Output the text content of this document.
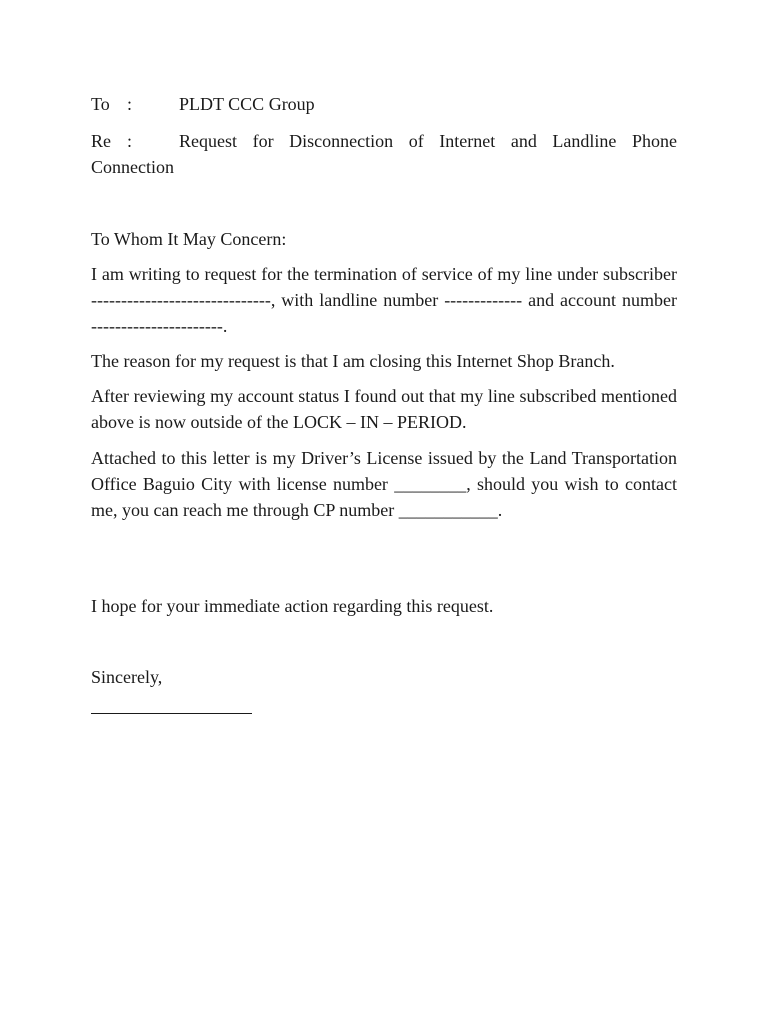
To :	PLDT CCC Group
Re :	Request for Disconnection of Internet and Landline Phone Connection

To Whom It May Concern:

I am writing to request for the termination of service of my line under subscriber ------------------------------, with landline number ------------- and account number ----------------------.

The reason for my request is that I am closing this Internet Shop Branch.

After reviewing my account status I found out that my line subscribed mentioned above is now outside of the LOCK – IN – PERIOD.

Attached to this letter is my Driver’s License issued by the Land Transportation Office Baguio City with license number ________, should you wish to contact me, you can reach me through CP number ___________.

I hope for your immediate action regarding this request.

Sincerely,
